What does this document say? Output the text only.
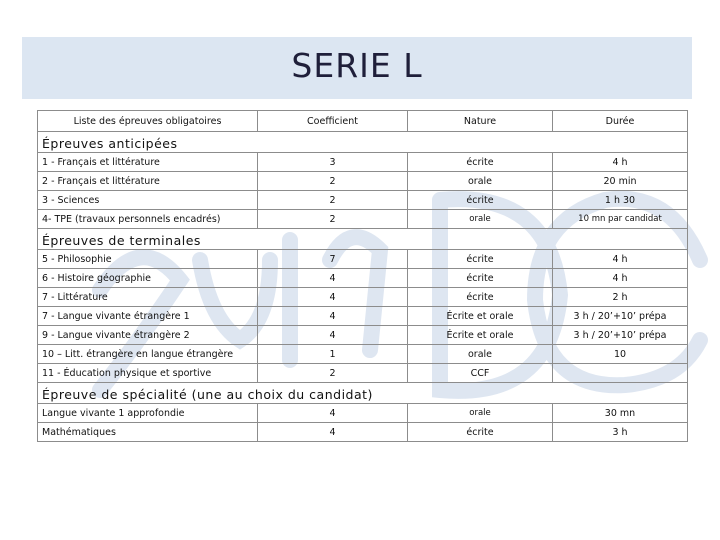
SERIE L
Liste des épreuves obligatoires	Coefficient	Nature	Durée
Épreuves anticipées			
1 - Français et littérature	3	écrite	4 h
2 - Français et littérature	2	orale	20 min
3 - Sciences	2	écrite	1 h 30
4- TPE (travaux personnels encadrés)	2	orale	10 mn par candidat
Épreuves de terminales			
5 - Philosophie	7	écrite	4 h
6 - Histoire géographie	4	écrite	4 h
7 - Littérature	4	écrite	2 h
7 - Langue vivante étrangère 1	4	Écrite et orale	3 h / 20’+10’ prépa
9 - Langue vivante étrangère 2	4	Écrite et orale	3 h / 20’+10’ prépa
10 – Litt. étrangère en langue étrangère	1	orale	10
11 - Éducation physique et sportive	2	CCF	
Épreuve de spécialité (une au choix du candidat)			
Langue vivante 1 approfondie	4	orale	30 mn
Mathématiques	4	écrite	3 h
